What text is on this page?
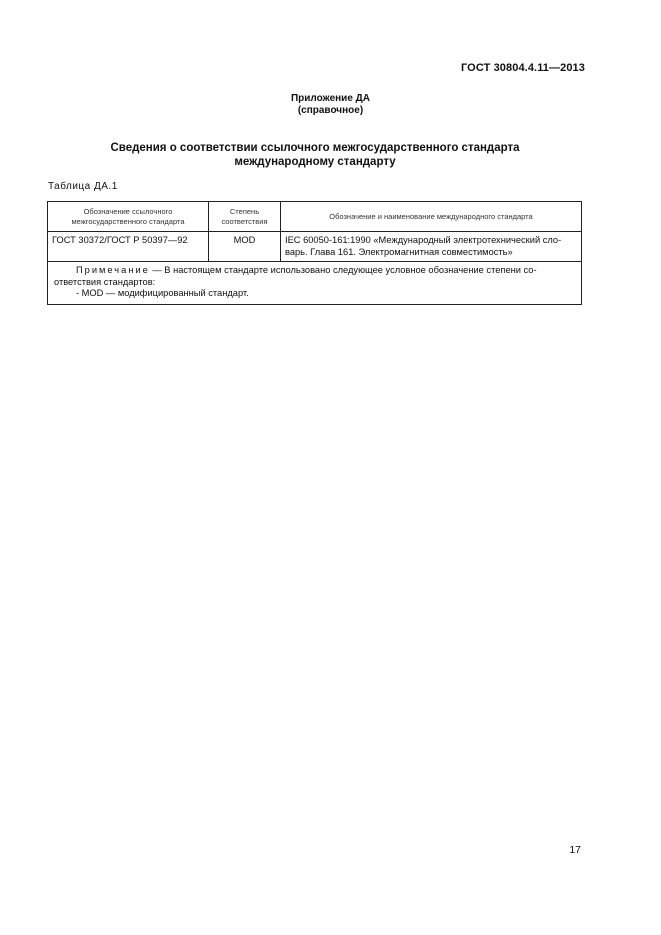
ГОСТ 30804.4.11—2013
Приложение ДА
(справочное)
Сведения о соответствии ссылочного межгосударственного стандарта
международному стандарту
Таблица ДА.1
Обозначение ссылочного межгосударственного стандарта	Степень соответствия	Обозначение и наименование международного стандарта
ГОСТ 30372/ГОСТ Р 50397—92	MOD	IEC 60050-161:1990 «Международный электротехнический сло-
варь. Глава 161. Электромагнитная совместимость»

Примечание — В настоящем стандарте использовано следующее условное обозначение степени со-
ответствия стандартов:
- MOD — модифицированный стандарт.		
17
